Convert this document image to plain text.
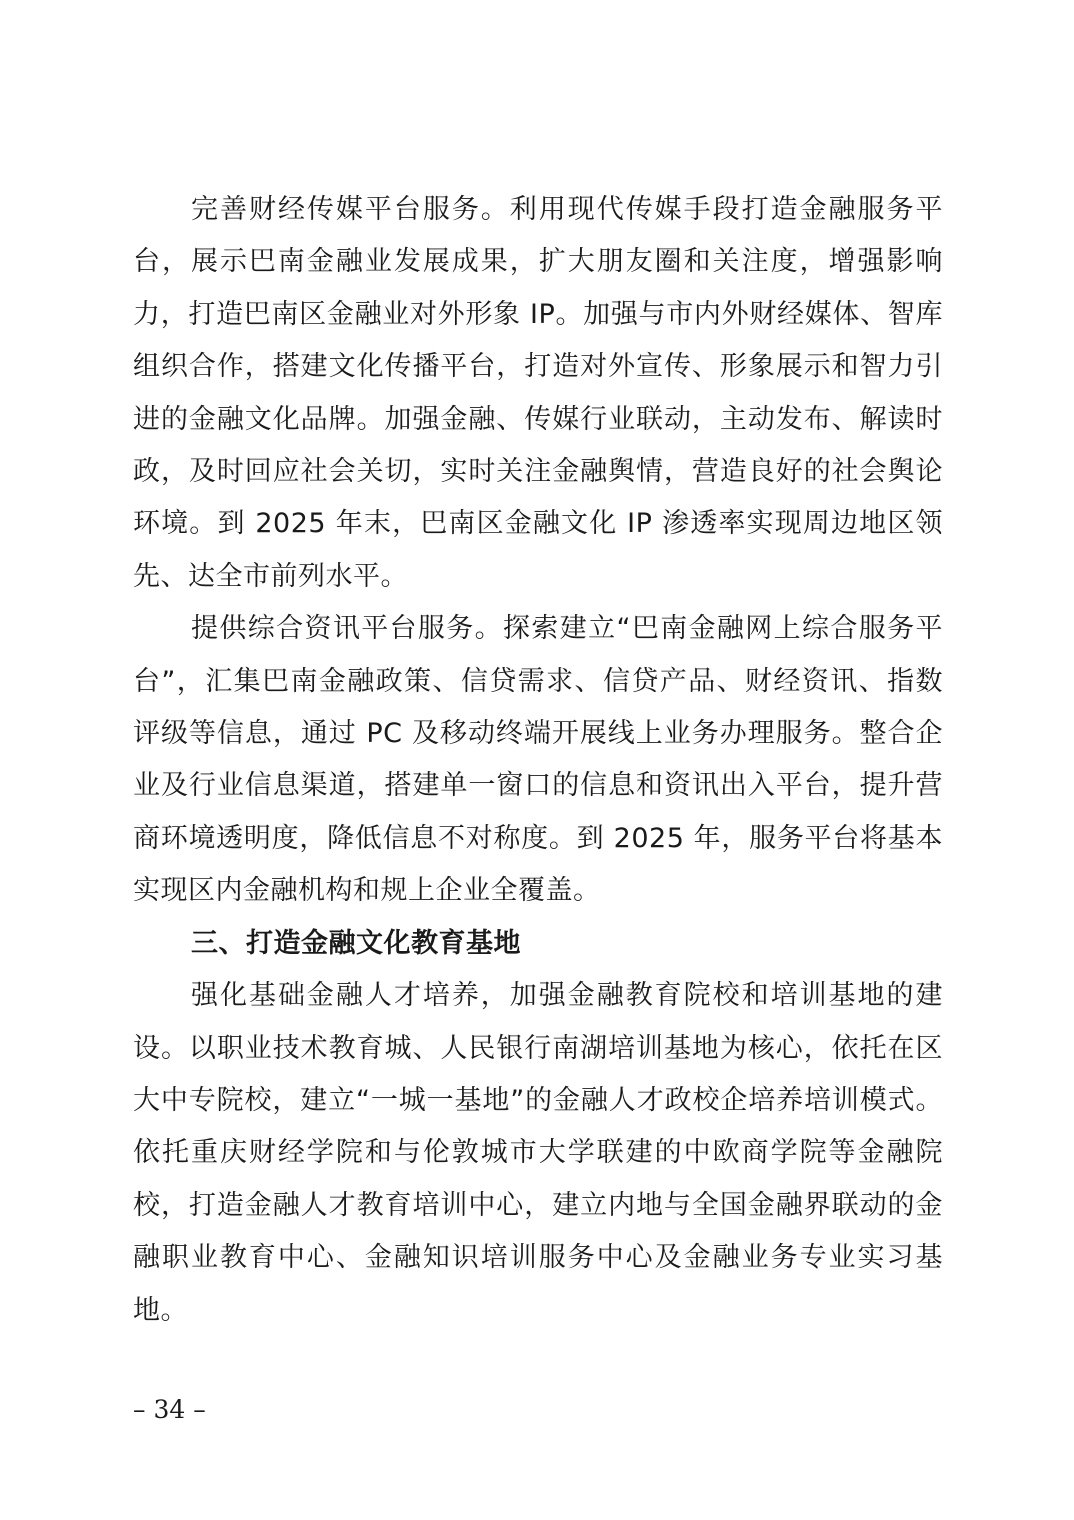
完善财经传媒平台服务。利用现代传媒手段打造金融服务平台，展示巴南金融业发展成果，扩大朋友圈和关注度，增强影响力，打造巴南区金融业对外形象 IP。加强与市内外财经媒体、智库组织合作，搭建文化传播平台，打造对外宣传、形象展示和智力引进的金融文化品牌。加强金融、传媒行业联动，主动发布、解读时政，及时回应社会关切，实时关注金融舆情，营造良好的社会舆论环境。到 2025 年末，巴南区金融文化 IP 渗透率实现周边地区领先、达全市前列水平。

提供综合资讯平台服务。探索建立“巴南金融网上综合服务平台”，汇集巴南金融政策、信贷需求、信贷产品、财经资讯、指数评级等信息，通过 PC 及移动终端开展线上业务办理服务。整合企业及行业信息渠道，搭建单一窗口的信息和资讯出入平台，提升营商环境透明度，降低信息不对称度。到 2025 年，服务平台将基本实现区内金融机构和规上企业全覆盖。

三、打造金融文化教育基地

强化基础金融人才培养，加强金融教育院校和培训基地的建设。以职业技术教育城、人民银行南湖培训基地为核心，依托在区大中专院校，建立“一城一基地”的金融人才政校企培养培训模式。依托重庆财经学院和与伦敦城市大学联建的中欧商学院等金融院校，打造金融人才教育培训中心，建立内地与全国金融界联动的金融职业教育中心、金融知识培训服务中心及金融业务专业实习基地。

– 34 –
